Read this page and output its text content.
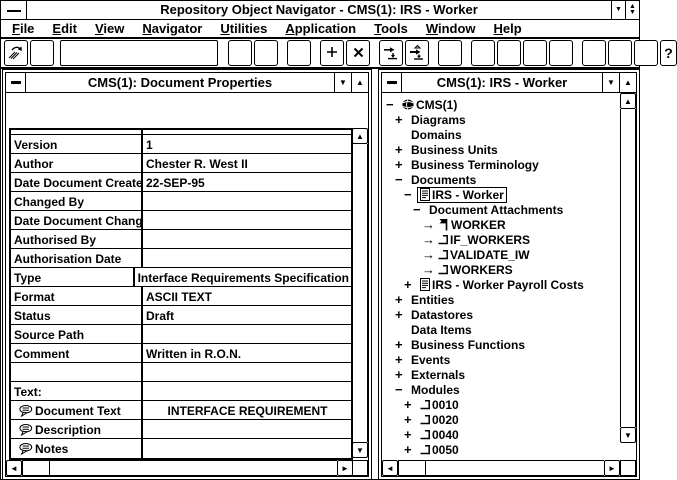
Repository Object Navigator - CMS(1): IRS - Worker	▼ ▲
▼
File	Edit	View	Navigator	Utilities	Application	Tools	Window	Help
?
CMS(1): Document Properties	▼ ▲
Version	1
Author	Chester R. West II
Date Document Create 22-SEP-95
Changed By
Date Document Chang
Authorised By
Authorisation Date
Type	Interface Requirements Specification
Format	ASCII TEXT
Status	Draft
Source Path
Comment	Written in R.O.N.
Text:
Document Text	INTERFACE REQUIREMENT
Description
Notes
▲
▼
◄	►
CMS(1): IRS - Worker	▼ ▲
−	CMS(1)
+ Diagrams
Domains
+ Business Units
+ Business Terminology
− Documents
−	IRS - Worker
− Document Attachments
→ WORKER
→ IF_WORKERS
→ VALIDATE_IW
→ WORKERS
+	IRS - Worker Payroll Costs
+ Entities
+ Datastores
Data Items
+ Business Functions
+ Events
+ Externals
− Modules
+	0010
+	0020
+	0040
+	0050
▲
▼
◄	►
